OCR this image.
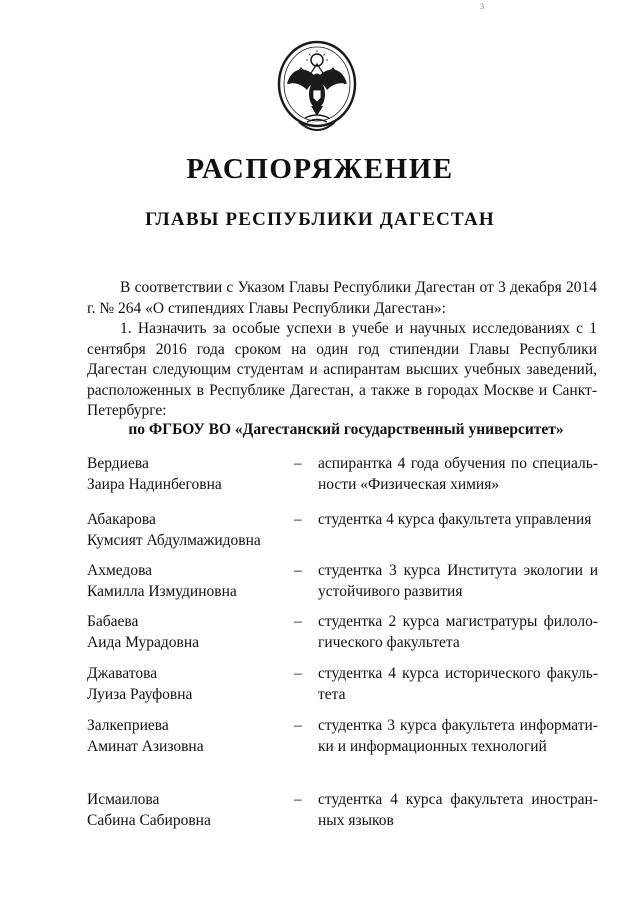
3
РАСПОРЯЖЕНИЕ
ГЛАВЫ РЕСПУБЛИКИ ДАГЕСТАН

В соответствии с Указом Главы Республики Дагестан от 3 декабря 2014 г. № 264 «О стипендиях Главы Республики Дагестан»:

1. Назначить за особые успехи в учебе и научных исследованиях с 1 сентября 2016 года сроком на один год стипендии Главы Республики Дагестан следующим студентам и аспирантам высших учебных заведений, расположенных в Республике Дагестан, а также в городах Москве и Санкт-Петербурге:

по ФГБОУ ВО «Дагестанский государственный университет»
Вердиева
Заира Надинбеговна
– аспирантка 4 года обучения по специаль-
ности «Физическая химия»
Абакарова
Кумсият Абдулмажидовна
– студентка 4 курса факультета управления
Ахмедова
Камилла Измудиновна
– студентка 3 курса Института экологии и
устойчивого развития
Бабаева
Аида Мурадовна
– студентка 2 курса магистратуры филоло-
гического факультета
Джаватова
Луиза Рауфовна
– студентка 4 курса исторического факуль-
тета
Залкеприева
Аминат Азизовна
– студентка 3 курса факультета информати-
ки и информационных технологий
Исмаилова
Сабина Сабировна
– студентка 4 курса факультета иностран-
ных языков
